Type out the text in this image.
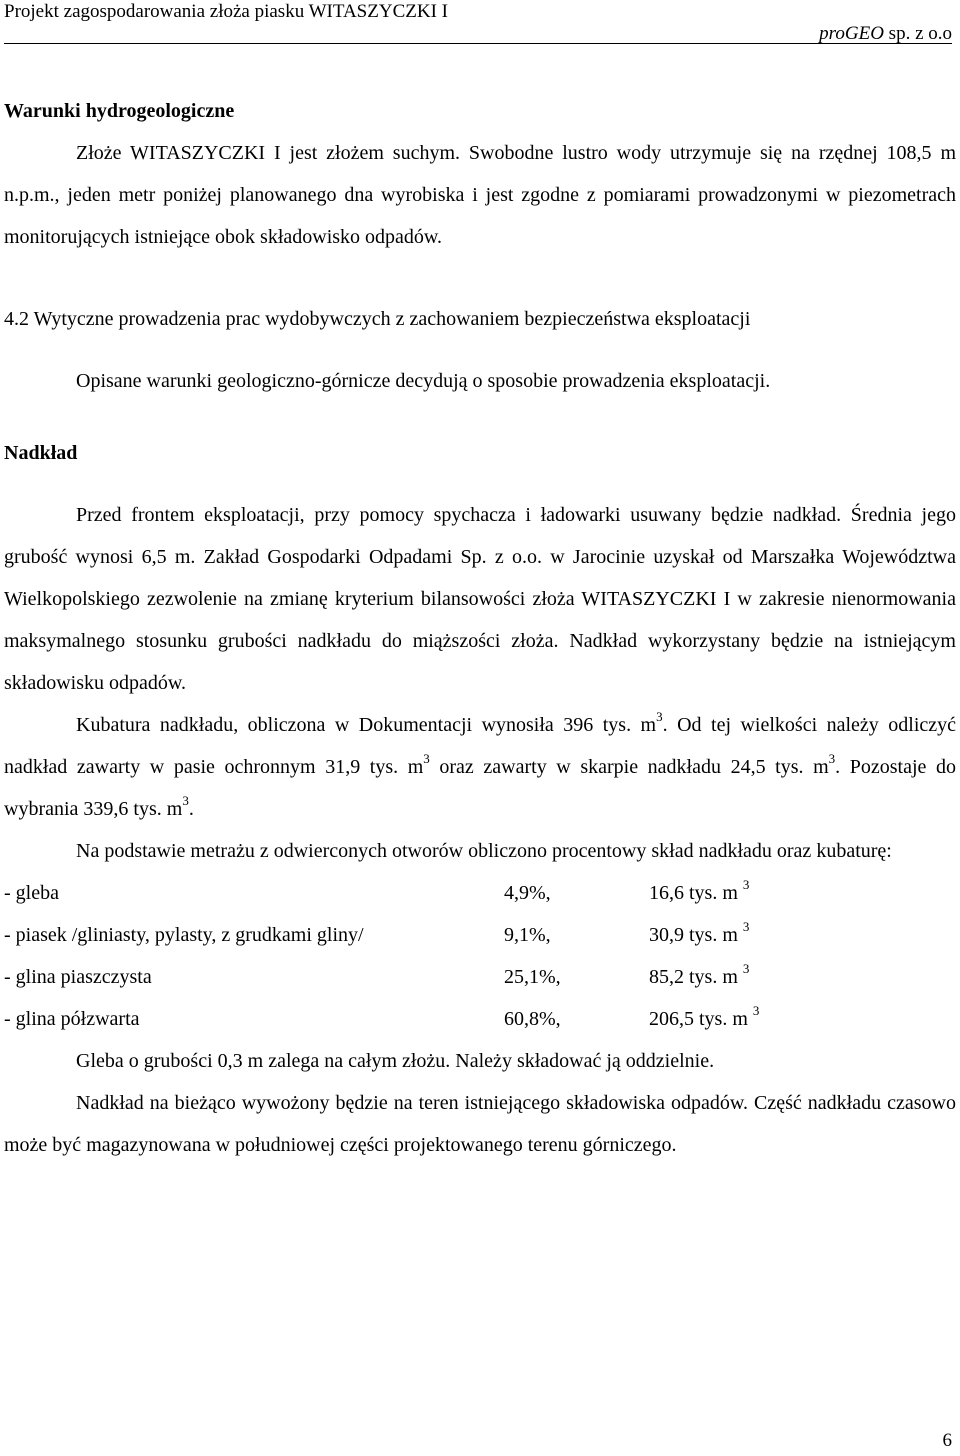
Projekt zagospodarowania złoża piasku WITASZYCZKI I
proGEO sp. z o.o
Warunki hydrogeologiczne

Złoże WITASZYCZKI I jest złożem suchym. Swobodne lustro wody utrzymuje się na rzędnej 108,5 m n.p.m., jeden metr poniżej planowanego dna wyrobiska i jest zgodne z pomiarami prowadzonymi w piezometrach monitorujących istniejące obok składowisko odpadów.

4.2 Wytyczne prowadzenia prac wydobywczych z zachowaniem bezpieczeństwa eksploatacji
Opisane warunki geologiczno-górnicze decydują o sposobie prowadzenia eksploatacji.
Nadkład

Przed frontem eksploatacji, przy pomocy spychacza i ładowarki usuwany będzie nadkład. Średnia jego grubość wynosi 6,5 m. Zakład Gospodarki Odpadami Sp. z o.o. w Jarocinie uzyskał od Marszałka Województwa Wielkopolskiego zezwolenie na zmianę kryterium bilansowości złoża WITASZYCZKI I w zakresie nienormowania maksymalnego stosunku grubości nadkładu do miąższości złoża. Nadkład wykorzystany będzie na istniejącym składowisku odpadów.

Kubatura nadkładu, obliczona w Dokumentacji wynosiła 396 tys. $m^3$. Od tej wielkości należy odliczyć nadkład zawarty w pasie ochronnym 31,9 tys. $m^3$ oraz zawarty w skarpie nadkładu 24,5 tys. $m^3$. Pozostaje do wybrania 339,6 tys. $m^3$.

Na podstawie metrażu z odwierconych otworów obliczono procentowy skład nadkładu oraz kubaturę:

- gleba	4,9%,	16,6 tys. m $^3$
- piasek /gliniasty, pylasty, z grudkami gliny/	9,1%,	30,9 tys. m $^3$
- glina piaszczysta	25,1%,	85,2 tys. m $^3$
- glina półzwarta	60,8%,	206,5 tys. m $^3$
Gleba o grubości 0,3 m zalega na całym złożu. Należy składować ją oddzielnie.

Nadkład na bieżąco wywożony będzie na teren istniejącego składowiska odpadów. Część nadkładu czasowo może być magazynowana w południowej części projektowanego terenu górniczego.

6
